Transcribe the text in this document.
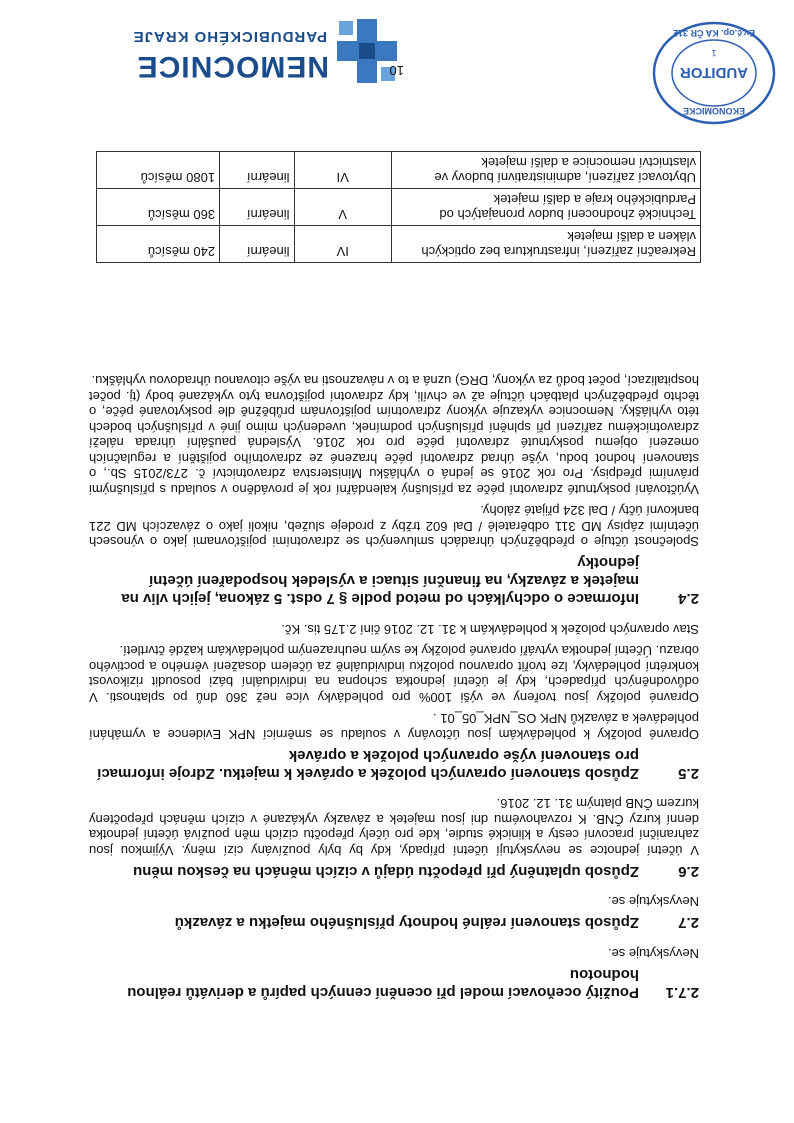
NEMOCNICE
PARDUBICKÉHO KRAJE
Rekreační zařízení, infrastruktura bez optických vláken a další majetek	IV	lineární	240 měsíců
Technické zhodnocení budov pronajatých od Pardubického kraje a další majetek	V	lineární	360 měsíců
Ubytovací zařízení, administrativní budovy ve vlastnictví nemocnice a další majetek	VI	lineární	1080 měsíců
2.7.1
Použitý oceňovací model při ocenění cenných papírů a derivátů reálnou hodnotou

Nevyskytuje se.

2.7
Způsob stanovení reálné hodnoty příslušného majetku a závazků

Nevyskytuje se.

2.6
Způsob uplatněný při přepočtu údajů v cizích měnách na českou měnu

V účetní jednotce se nevyskytují účetní případy, kdy by byly používány cizí měny. Výjimkou jsou zahraniční pracovní cesty a klinické studie, kde pro účely přepočtu cizích měn používá účetní jednotka denní kurzy ČNB. K rozvahovému dni jsou majetek a závazky vykázané v cizích měnách přepočteny kurzem ČNB platným 31. 12. 2016.

2.5
Způsob stanovení opravných položek a oprávek k majetku. Zdroje informací pro stanovení výše opravných položek a oprávek

Opravné položky k pohledávkám jsou účtovány v souladu se směrnicí NPK Evidence a vymáhání pohledávek a závazků NPK OS_NPK_05_01 .

Opravné položky jsou tvořeny ve výši 100% pro pohledávky více než 360 dnů po splatnosti. V odůvodněných případech, kdy je účetní jednotka schopna na individuální bázi posoudit rizikovost konkrétní pohledávky, lze tvořit opravnou položku individuálně za účelem dosažení věrného a poctivého obrazu. Účetní jednotka vytváří opravné položky ke svým neuhrazeným pohledávkám každé čtvrtletí.

Stav opravných položek k pohledávkám k 31. 12. 2016 činí 2.175 tis. Kč.

2.4
Informace o odchylkách od metod podle § 7 odst. 5 zákona, jejich vliv na majetek a závazky, na finanční situaci a výsledek hospodaření účetní jednotky

Společnost účtuje o předběžných úhradách smluvených se zdravotními pojišťovnami jako o výnosech účetními zápisy MD 311 odběratelé / Dal 602 tržby z prodeje služeb, nikoli jako o závazcích MD 221 bankovní účty / Dal 324 přijaté zálohy.

Vyúčtování poskytnuté zdravotní péče za příslušný kalendářní rok je prováděno v souladu s příslušnými právními předpisy. Pro rok 2016 se jedná o vyhlášku Ministerstva zdravotnictví č. 273/2015 Sb., o stanovení hodnot bodu, výše úhrad zdravotní péče hrazené ze zdravotního pojištění a regulačních omezení objemu poskytnuté zdravotní péče pro rok 2016. Výsledná paušální úhrada náleží zdravotnickému zařízení při splnění příslušných podmínek, uvedených mimo jiné v příslušných bodech této vyhlášky. Nemocnice vykazuje výkony zdravotním pojišťovnám průběžně dle poskytované péče, o těchto předběžných platbách účtuje až ve chvíli, kdy zdravotní pojišťovna tyto vykázané body (tj. počet hospitalizací, počet bodů za výkony, DRG) uzná a to v návaznosti na výše citovanou úhradovou vyhlášku.

10
EKONOMICKÉ
AUDITOR
Ev.č.op. KA ČR 312
1
